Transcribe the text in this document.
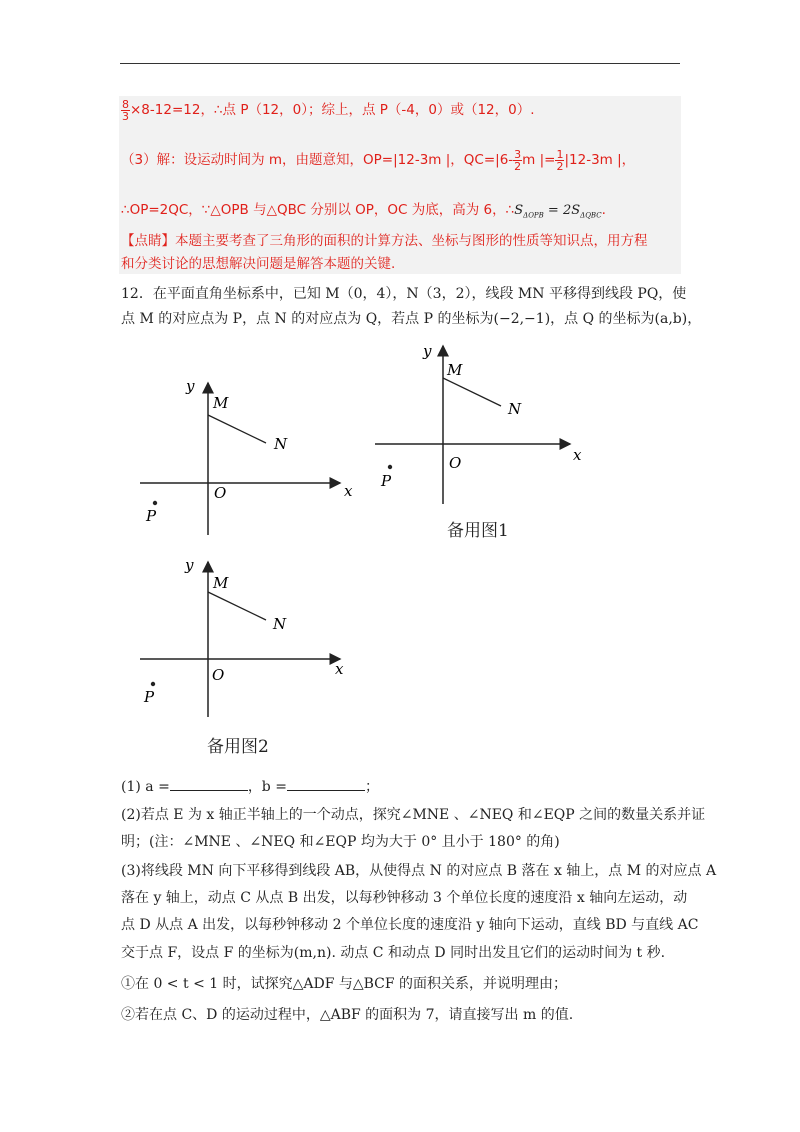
$\frac{8}{3} \times 8-12=12$，∴点 P（12，0）；综上，点 P（-4，0）或（12，0）.
（3）解：设运动时间为 m，由题意知，OP=|12-3m |，$QC=|6- \frac{3}{2}$ m |= $\frac{1}{2} |12-3m$ |，
∴OP=2QC，∵△OPB 与△QBC 分别以 OP，OC 为底，高为 6，$\therefore S_{\Delta OPB} = 2S_{\Delta QBC}$.
【点睛】本题主要考查了三角形的面积的计算方法、坐标与图形的性质等知识点，用方程
和分类讨论的思想解决问题是解答本题的关键.
12．在平面直角坐标系中，已知 M（0，4），N（3，2），线段 MN 平移得到线段 PQ，使
点 M 的对应点为 P，点 N 的对应点为 Q，若点 P 的坐标为(−2,−1)，点 Q 的坐标为(a,b)，
x
y
O
M
N
P
x
y
O
M
N
P
备用图1
x
y
O
M
N
P
备用图2
(1) a =	，b =	；
(2)若点 E 为 x 轴正半轴上的一个动点，探究∠MNE 、∠NEQ 和∠EQP 之间的数量关系并证
明；(注：∠MNE 、∠NEQ 和∠EQP 均为大于 0° 且小于 180° 的角)
(3)将线段 MN 向下平移得到线段 AB，从使得点 N 的对应点 B 落在 x 轴上，点 M 的对应点 A
落在 y 轴上，动点 C 从点 B 出发，以每秒钟移动 3 个单位长度的速度沿 x 轴向左运动，动
点 D 从点 A 出发，以每秒钟移动 2 个单位长度的速度沿 y 轴向下运动，直线 BD 与直线 AC
交于点 F，设点 F 的坐标为(m,n). 动点 C 和动点 D 同时出发且它们的运动时间为 t 秒.
①在 0 < t < 1 时，试探究△ADF 与△BCF 的面积关系，并说明理由；
②若在点 C、D 的运动过程中，△ABF 的面积为 7，请直接写出 m 的值.
